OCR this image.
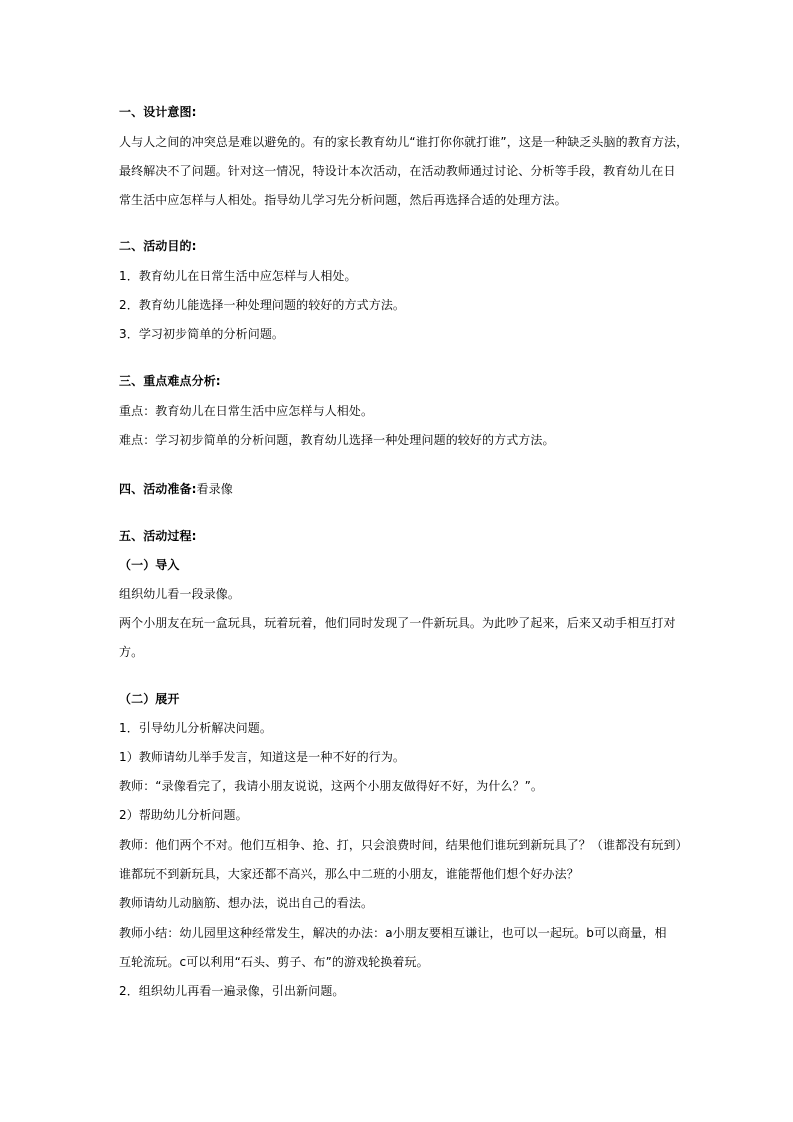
一、设计意图:
人与人之间的冲突总是难以避免的。有的家长教育幼儿“谁打你你就打谁”，这是一种缺乏头脑的教育方法，
最终解决不了问题。针对这一情况，特设计本次活动，在活动教师通过讨论、分析等手段，教育幼儿在日
常生活中应怎样与人相处。指导幼儿学习先分析问题，然后再选择合适的处理方法。
二、活动目的:
1．教育幼儿在日常生活中应怎样与人相处。
2．教育幼儿能选择一种处理问题的较好的方式方法。
3．学习初步简单的分析问题。
三、重点难点分析:
重点：教育幼儿在日常生活中应怎样与人相处。
难点：学习初步简单的分析问题，教育幼儿选择一种处理问题的较好的方式方法。
四、活动准备:看录像
五、活动过程:
（一）导入
组织幼儿看一段录像。
两个小朋友在玩一盒玩具，玩着玩着，他们同时发现了一件新玩具。为此吵了起来，后来又动手相互打对
方。
（二）展开
1．引导幼儿分析解决问题。
1）教师请幼儿举手发言，知道这是一种不好的行为。
教师：“录像看完了，我请小朋友说说，这两个小朋友做得好不好，为什么？”。
2）帮助幼儿分析问题。
教师：他们两个不对。他们互相争、抢、打，只会浪费时间，结果他们谁玩到新玩具了？（谁都没有玩到）
谁都玩不到新玩具，大家还都不高兴，那么中二班的小朋友，谁能帮他们想个好办法？
教师请幼儿动脑筋、想办法，说出自己的看法。
教师小结：幼儿园里这种经常发生，解决的办法：a小朋友要相互谦让，也可以一起玩。b可以商量，相
互轮流玩。c可以利用“石头、剪子、布”的游戏轮换着玩。
2．组织幼儿再看一遍录像，引出新问题。
